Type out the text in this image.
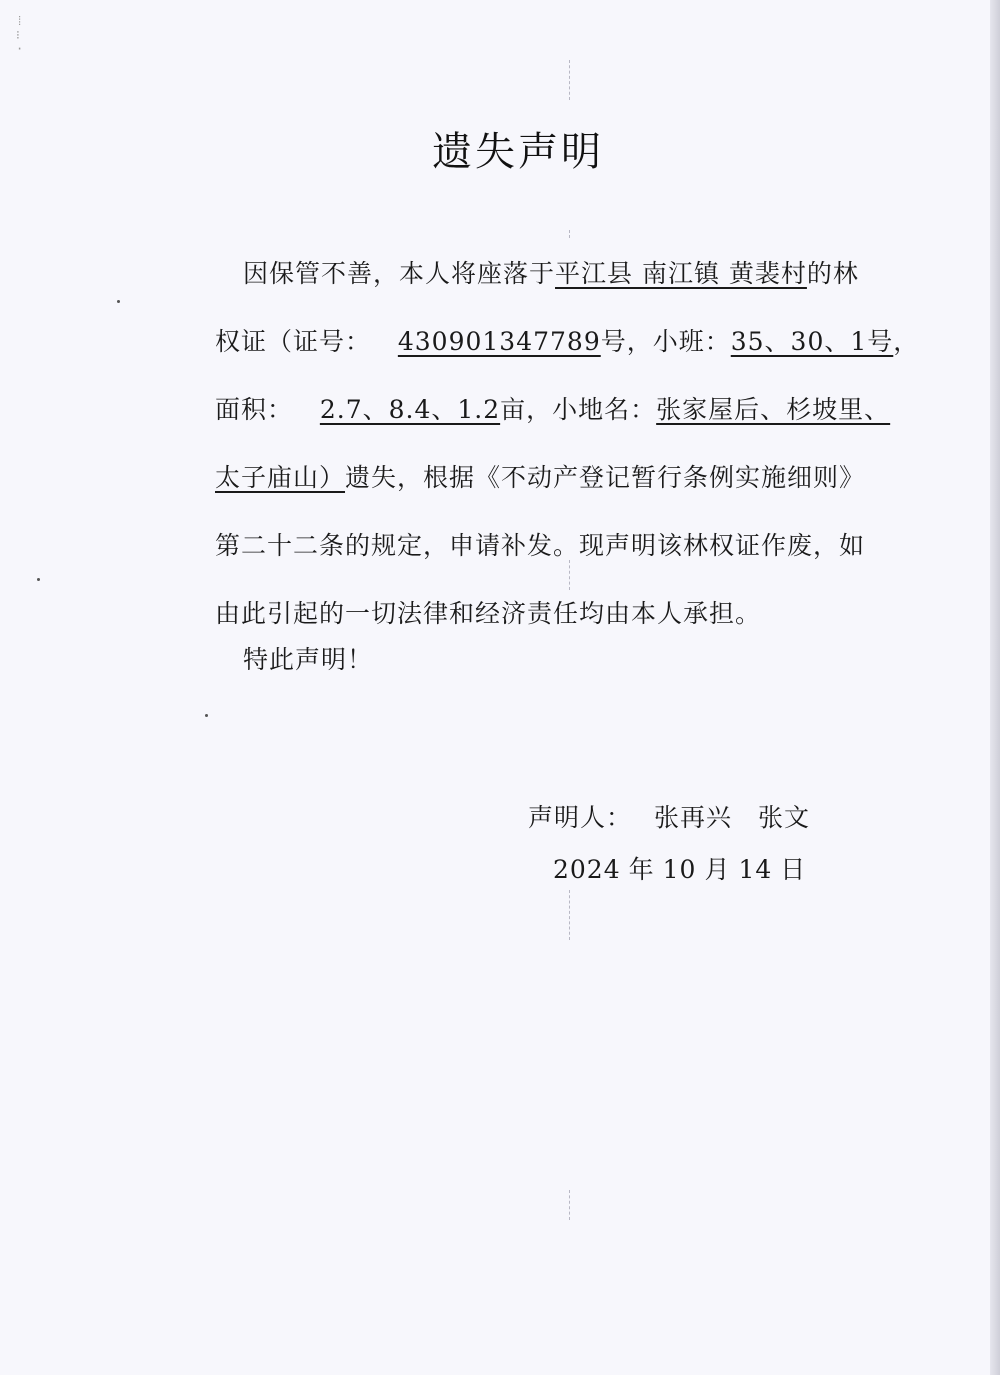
⁞
⁝
·
遗失声明
因保管不善，本人将座落于平江县 南江镇 黄裴村的林
权证（证号： 430901347789号，小班：35、30、1号，
面积： 2.7、8.4、1.2亩，小地名：张家屋后、杉坡里、
太子庙山）遗失，根据《不动产登记暂行条例实施细则》
第二十二条的规定，申请补发。现声明该林权证作废，如
由此引起的一切法律和经济责任均由本人承担。
特此声明！
声明人： 张再兴 张文
2024 年 10 月 14 日
